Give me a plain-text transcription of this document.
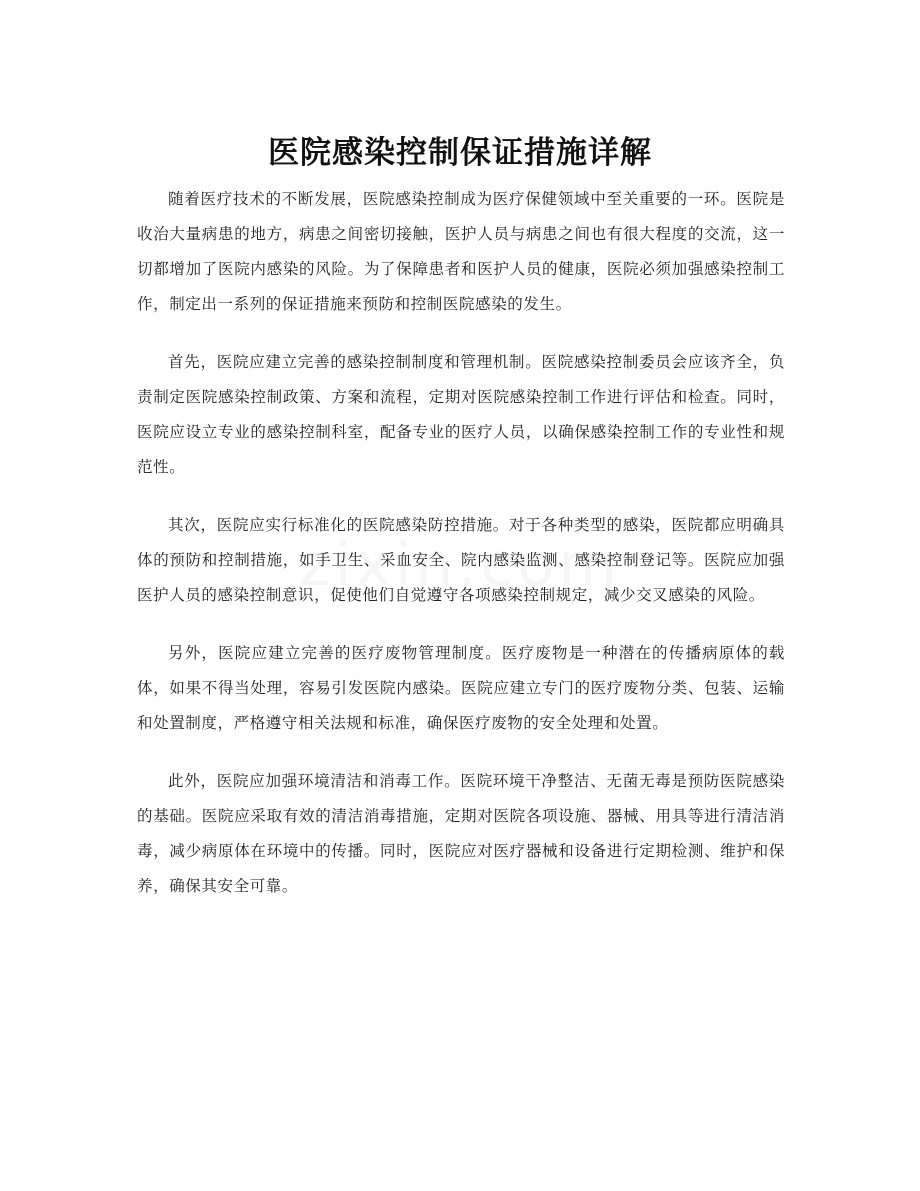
医院感染控制保证措施详解

随着医疗技术的不断发展，医院感染控制成为医疗保健领域中至关重要的一环。医院是收治大量病患的地方，病患之间密切接触，医护人员与病患之间也有很大程度的交流，这一切都增加了医院内感染的风险。为了保障患者和医护人员的健康，医院必须加强感染控制工作，制定出一系列的保证措施来预防和控制医院感染的发生。

首先，医院应建立完善的感染控制制度和管理机制。医院感染控制委员会应该齐全，负责制定医院感染控制政策、方案和流程，定期对医院感染控制工作进行评估和检查。同时，医院应设立专业的感染控制科室，配备专业的医疗人员，以确保感染控制工作的专业性和规范性。

其次，医院应实行标准化的医院感染防控措施。对于各种类型的感染，医院都应明确具体的预防和控制措施，如手卫生、采血安全、院内感染监测、感染控制登记等。医院应加强医护人员的感染控制意识，促使他们自觉遵守各项感染控制规定，减少交叉感染的风险。

另外，医院应建立完善的医疗废物管理制度。医疗废物是一种潜在的传播病原体的载体，如果不得当处理，容易引发医院内感染。医院应建立专门的医疗废物分类、包装、运输和处置制度，严格遵守相关法规和标准，确保医疗废物的安全处理和处置。

此外，医院应加强环境清洁和消毒工作。医院环境干净整洁、无菌无毒是预防医院感染的基础。医院应采取有效的清洁消毒措施，定期对医院各项设施、器械、用具等进行清洁消毒，减少病原体在环境中的传播。同时，医院应对医疗器械和设备进行定期检测、维护和保养，确保其安全可靠。
